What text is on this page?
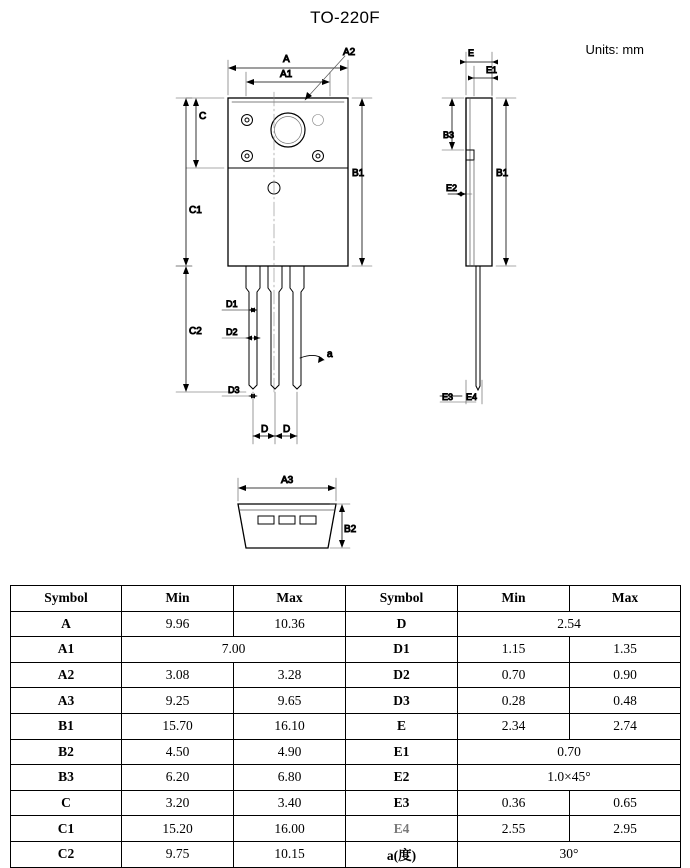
TO-220F
Units: mm
A
A1
A2
C
C1
C2
B1
D1
D2
D3
a
D D
E
E1
B3
E2
B1
E3 E4
A3
B2
Symbol	Min	Max	Symbol	Min	Max
A	9.96	10.36	D	2.54	
A1	7.00		D1	1.15	1.35
A2	3.08	3.28	D2	0.70	0.90
A3	9.25	9.65	D3	0.28	0.48
B1	15.70	16.10	E	2.34	2.74
B2	4.50	4.90	E1	0.70	
B3	6.20	6.80	E2	1.0×45°	
C	3.20	3.40	E3	0.36	0.65
C1	15.20	16.00	E4	2.55	2.95
C2	9.75	10.15	a(度)	30°	
